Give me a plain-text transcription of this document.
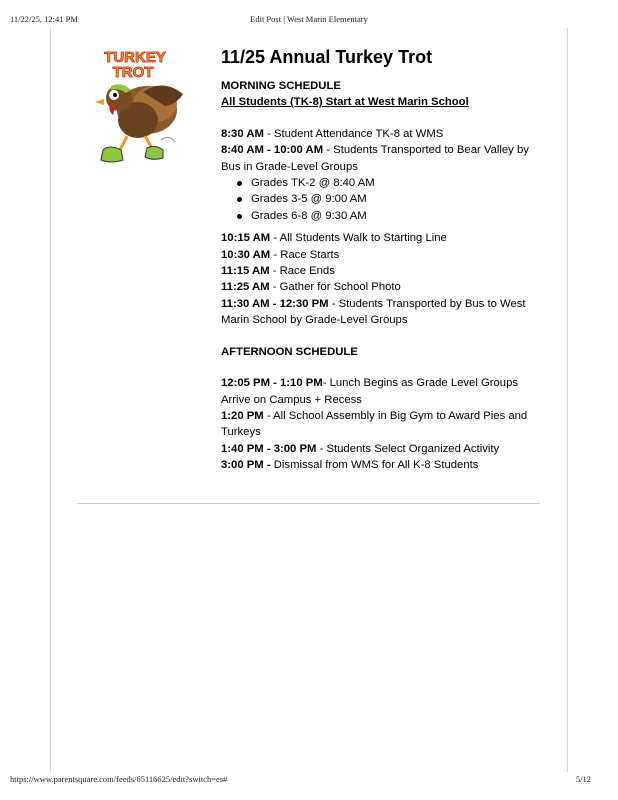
11/22/25, 12:41 PM	Edit Post | West Marin Elementary
TURKEY
TROT
11/25 Annual Turkey Trot

MORNING SCHEDULE

All Students (TK-8) Start at West Marin School

8:30 AM - Student Attendance TK-8 at WMS

8:40 AM - 10:00 AM - Students Transported to Bear Valley by Bus in Grade-Level Groups

Grades TK-2 @ 8:40 AM
Grades 3-5 @ 9:00 AM
Grades 6-8 @ 9:30 AM

10:15 AM - All Students Walk to Starting Line

10:30 AM - Race Starts

11:15 AM - Race Ends

11:25 AM - Gather for School Photo

11:30 AM - 12:30 PM - Students Transported by Bus to West Marin School by Grade-Level Groups

AFTERNOON SCHEDULE

12:05 PM - 1:10 PM- Lunch Begins as Grade Level Groups Arrive on Campus + Recess

1:20 PM - All School Assembly in Big Gym to Award Pies and Turkeys

1:40 PM - 3:00 PM - Students Select Organized Activity

3:00 PM - Dismissal from WMS for All K-8 Students

https://www.parentsquare.com/feeds/65116625/edit?switch=es#	5/12
